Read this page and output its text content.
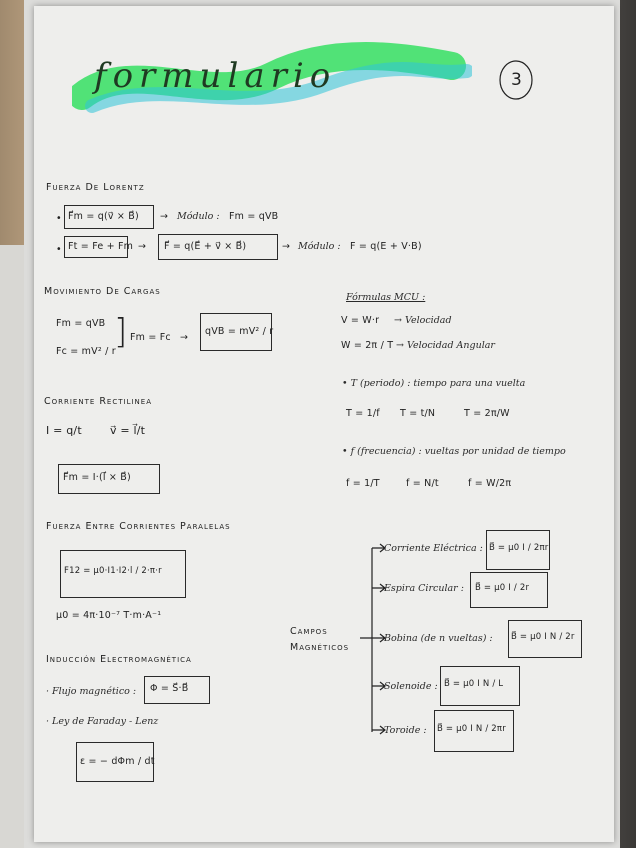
formulario	3
Fuerza De Lorentz
• F⃗m = q(v⃗ × B⃗) → Módulo : Fm = qVB
• Ft = Fe + Fm → F⃗ = q(E⃗ + v⃗ × B⃗)	→ Módulo : F = q(E + V·B)
Movimiento De Cargas
Fm = qVB
Fc = mV² / r
] Fm = Fc →
qVB = mV² / r
Fórmulas MCU :
V = W·r → Velocidad
W = 2π / T → Velocidad Angular
• T (periodo) : tiempo para una vuelta
T = 1/f T = t/N	T = 2π/W
• f (frecuencia) : vueltas por unidad de tiempo
f = 1/T	f = N/t	f = W/2π
Corriente Rectilinea
I = q/t	v⃗ = l⃗/t
F⃗m = I·(l⃗ × B⃗)
Fuerza Entre Corrientes Paralelas
F12 = μ0·I1·I2·l / 2·π·r
μ0 = 4π·10⁻⁷ T·m·A⁻¹
Inducción Electromagnética
· Flujo magnético : Φ = S⃗·B⃗
· Ley de Faraday - Lenz
ε = − dΦm / dt
Campos Magnéticos
Corriente Eléctrica : B⃗ = μ0 I / 2πr
Espira Circular : B⃗ = μ0 I / 2r
Bobina (de n vueltas) : B⃗ = μ0 I N / 2r
Solenoide : B⃗ = μ0 I N / L
Toroide : B⃗ = μ0 I N / 2πr
